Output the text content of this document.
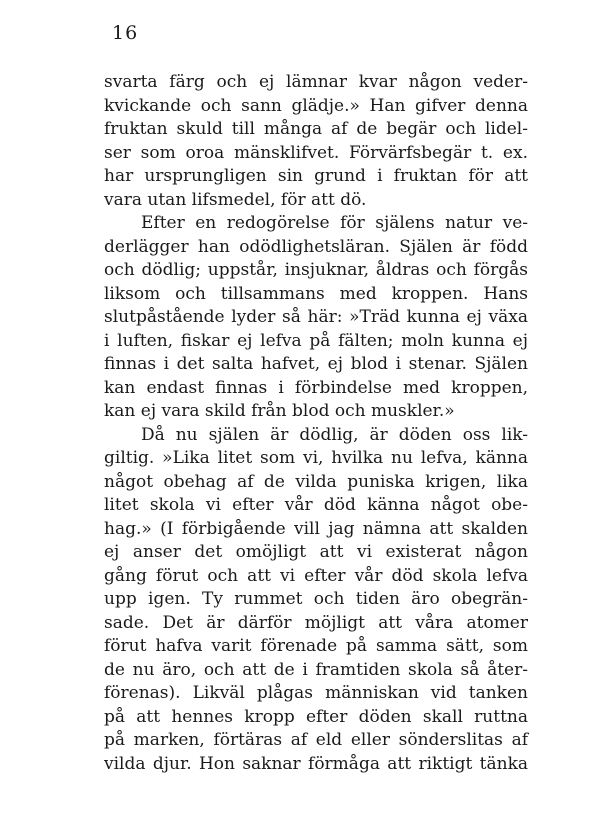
16
svarta färg och ej lämnar kvar någon veder-
kvickande och sann glädje.» Han gifver denna
fruktan skuld till många af de begär och lidel-
ser som oroa mänsklifvet. Förvärfsbegär t. ex.
har ursprungligen sin grund i fruktan för att
vara utan lifsmedel, för att dö.
Efter en redogörelse för själens natur ve-
derlägger han odödlighetsläran. Själen är född
och dödlig; uppstår, insjuknar, åldras och förgås
liksom och tillsammans med kroppen. Hans
slutpåstående lyder så här: »Träd kunna ej växa
i luften, fiskar ej lefva på fälten; moln kunna ej
finnas i det salta hafvet, ej blod i stenar. Själen
kan endast finnas i förbindelse med kroppen,
kan ej vara skild från blod och muskler.»
Då nu själen är dödlig, är döden oss lik-
giltig. »Lika litet som vi, hvilka nu lefva, känna
något obehag af de vilda puniska krigen, lika
litet skola vi efter vår död känna något obe-
hag.» (I förbigående vill jag nämna att skalden
ej anser det omöjligt att vi existerat någon
gång förut och att vi efter vår död skola lefva
upp igen. Ty rummet och tiden äro obegrän-
sade. Det är därför möjligt att våra atomer
förut hafva varit förenade på samma sätt, som
de nu äro, och att de i framtiden skola så åter-
förenas). Likväl plågas människan vid tanken
på att hennes kropp efter döden skall ruttna
på marken, förtäras af eld eller sönderslitas af
vilda djur. Hon saknar förmåga att riktigt tänka
